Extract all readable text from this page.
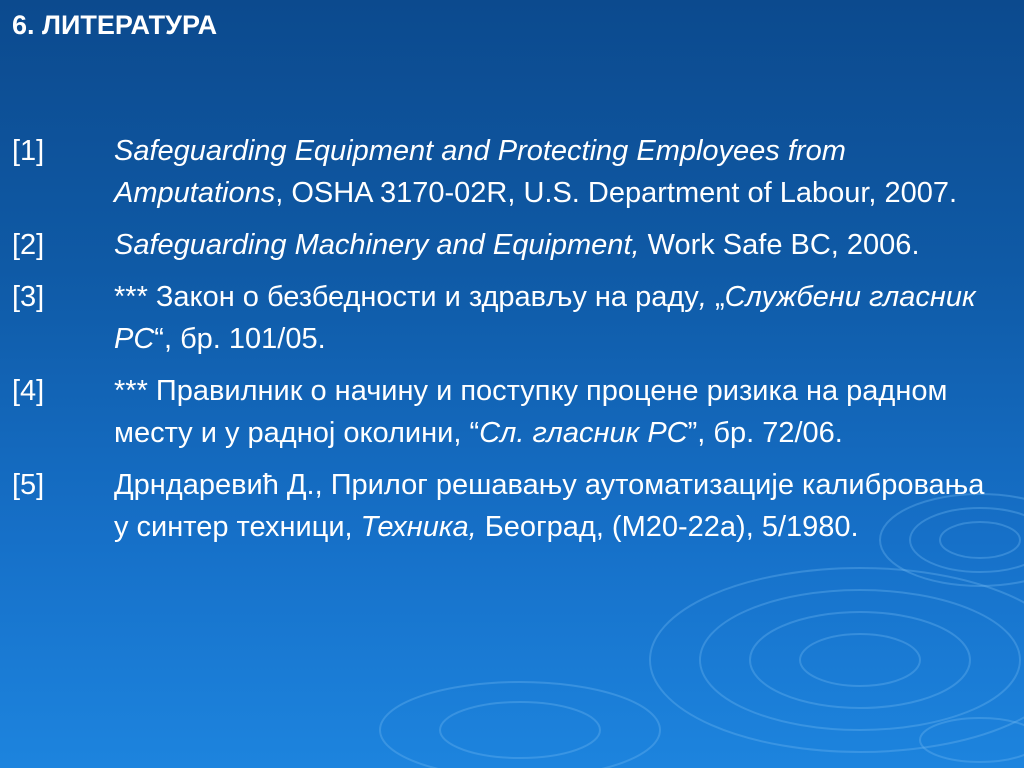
6. ЛИТЕРАТУРА
[1] Safeguarding Equipment and Protecting Employees from Amputations, OSHA 3170-02R, U.S. Department of Labour, 2007.
[2] Safeguarding Machinery and Equipment, Work Safe BC, 2006.
[3] *** Закон о безбедности и здрављу на раду, „Службени гласник РС“, бр. 101/05.
[4] *** Правилник о начину и поступку процене ризика на радном месту и у радној околини, “Сл. гласник РС”, бр. 72/06.
[5] Дрндаревић Д., Прилог решавању аутоматизације калибровања у синтер техници, Техника, Београд, (M20-22a), 5/1980.
